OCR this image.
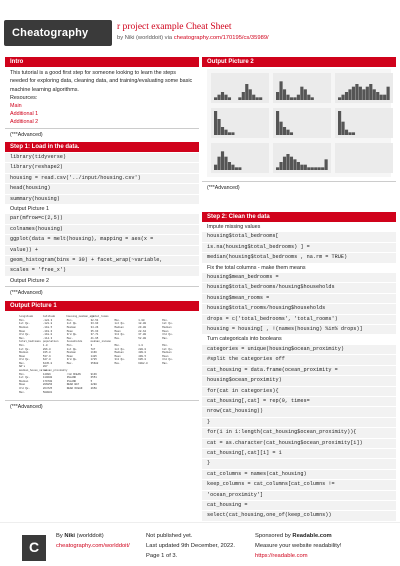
Cheatography	r project example Cheat Sheet
by Niki (worlddoit) via cheatography.com/170195/cs/35989/
Intro

This tutorial is a good first step for someone looking to learn the steps needed for exploring data, cleaning data, and training/evaluating some basic machine learning algorithms.

Resources:

Main

Additional 1

Additional 2

(***Advanced)
Step 1: Load in the data.
library(tidyverse)
library(reshape2)
housing = read.csv('../input/housing.csv')
head(housing)
summary(housing)
Output Picture 1
par(mfrow=c(2,5))
colnames(housing)
ggplot(data = melt(housing), mapping = aes(x =
value)) +
geom_histogram(bins = 30) + facet_wrap(~variable,
scales = 'free_x')
Output Picture 2
(***Advanced)
Output Picture 1
longitude	latitude	housing_median_age
total_rooms
Min.	-124.3	Min.	32.54	Min.	1.00	Min.
1st Qu.	-121.8	1st Qu.	33.93	1st Qu.	18.00	1st Qu.
Median	-118.5	Median	34.26	Median	29.00	Median
Mean	-119.6	Mean	35.63	Mean	28.64	Mean
3rd Qu.	-118.0	3rd Qu.	37.71	3rd Qu.	37.00	3rd Qu.
Max.	-114.3	Max.	41.95	Max.	52.00	Max.
total_bedrooms population	households	median_income
Min.	1.0	Min.	3	Min.	1.0	Min.
1st Qu.	296.0	1st Qu.	787	1st Qu.	280.0	1st Qu.
Median	435.0	Median	1166	Median	409.0	Median
Mean	537.9	Mean	1425	Mean	499.5	Mean
3rd Qu.	647.0	3rd Qu.	1725	3rd Qu.	605.0	3rd Qu.
Max.	6445.0	Max.	35682	Max.	6082.0	Max.
NA's	207
median_house_value
ocean_proximity
Min.	14999	<1H OCEAN	9136
1st Qu.	119600	INLAND	6551
Median	179700	ISLAND	5
Mean	206856	NEAR BAY	2290
3rd Qu.	264725	NEAR OCEAN	2658
Max.	500001
(***Advanced)
Output Picture 2
(***Advanced)
Step 2: Clean the data
Impute missing values
housing$total_bedrooms[
is.na(housing$total_bedrooms) ] =
median(housing$total_bedrooms , na.rm = TRUE)
Fix the total columns - make them means
housing$mean_bedrooms =
housing$total_bedrooms/housing$households
housing$mean_rooms =
housing$total_rooms/housing$households
drops = c('total_bedrooms', 'total_rooms')
housing = housing[ , !(names(housing) %in% drops)]
Turn categoricals into booleans
categories = unique(housing$ocean_proximity)
#split the categories off
cat_housing = data.frame(ocean_proximity =
housing$ocean_proximity)
for(cat in categories){
cat_housing[,cat] = rep(0, times=
nrow(cat_housing))
}
for(i in 1:length(cat_housing$ocean_proximity)){
cat = as.character(cat_housing$ocean_proximity[i])
cat_housing[,cat][i] = 1
}
cat_columns = names(cat_housing)
keep_columns = cat_columns[cat_columns !=
'ocean_proximity']
cat_housing =
select(cat_housing,one_of(keep_columns))
C
By Niki (worlddoit)
cheatography.com/worlddoit/
Not published yet.
Last updated 9th December, 2022.
Page 1 of 3.
Sponsored by Readable.com
Measure your website readability!
https://readable.com
